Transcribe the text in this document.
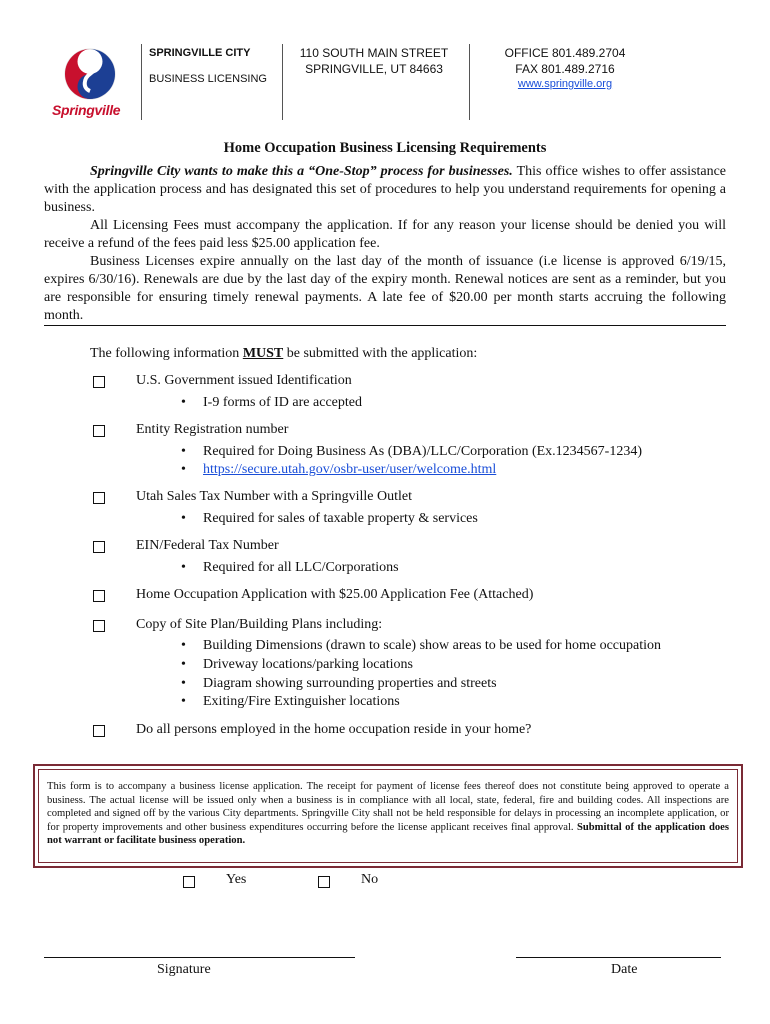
Springville
SPRINGVILLE CITY
BUSINESS LICENSING
110 SOUTH MAIN STREET
SPRINGVILLE, UT 84663
OFFICE 801.489.2704
FAX 801.489.2716
www.springville.org
Home Occupation Business Licensing Requirements
Springville City wants to make this a “One-Stop” process for businesses. This office wishes to offer assistance with the application process and has designated this set of procedures to help you understand requirements for opening a business.
All Licensing Fees must accompany the application. If for any reason your license should be denied you will receive a refund of the fees paid less $25.00 application fee.
Business Licenses expire annually on the last day of the month of issuance (i.e license is approved 6/19/15, expires 6/30/16). Renewals are due by the last day of the expiry month. Renewal notices are sent as a reminder, but you are responsible for ensuring timely renewal payments. A late fee of $20.00 per month starts accruing the following month.
The following information MUST be submitted with the application:
U.S. Government issued Identification
• I-9 forms of ID are accepted
Entity Registration number
• Required for Doing Business As (DBA)/LLC/Corporation (Ex.1234567-1234)
• https://secure.utah.gov/osbr-user/user/welcome.html
Utah Sales Tax Number with a Springville Outlet
• Required for sales of taxable property & services
EIN/Federal Tax Number
• Required for all LLC/Corporations
Home Occupation Application with $25.00 Application Fee (Attached)
Copy of Site Plan/Building Plans including:
• Building Dimensions (drawn to scale) show areas to be used for home occupation
• Driveway locations/parking locations
• Diagram showing surrounding properties and streets
• Exiting/Fire Extinguisher locations
Do all persons employed in the home occupation reside in your home?
This form is to accompany a business license application. The receipt for payment of license fees thereof does not constitute being approved to operate a business. The actual license will be issued only when a business is in compliance with all local, state, federal, fire and building codes. All inspections are completed and signed off by the various City departments. Springville City shall not be held responsible for delays in processing an incomplete application, or for property improvements and other business expenditures occurring before the license applicant receives final approval. Submittal of the application does not warrant or facilitate business operation.
Yes	No
Signature	Date
